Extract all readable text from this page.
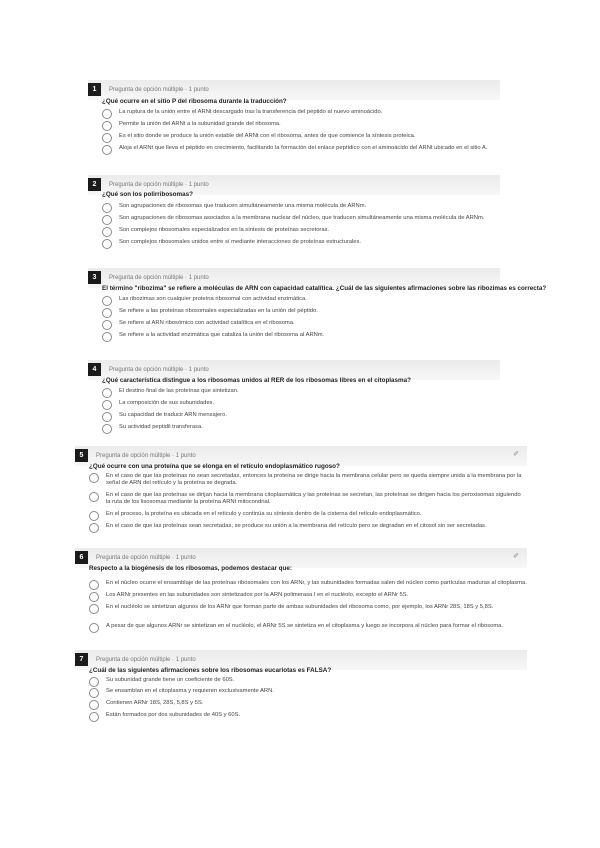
1	Pregunta de opción múltiple · 1 punto
¿Qué ocurre en el sitio P del ribosoma durante la traducción?
La ruptura de la unión entre el ARNt descargado tras la transferencia del péptido al nuevo aminoácido.
Permite la unión del ARNt a la subunidad grande del ribosoma.
Es el sitio donde se produce la unión estable del ARNt con el ribosoma, antes de que comience la síntesis proteica.
Aloja el ARNt que lleva el péptido en crecimiento, facilitando la formación del enlace peptídico con el aminoácido del ARNt ubicado en el sitio A.
2	Pregunta de opción múltiple · 1 punto
¿Qué son los polirribosomas?
Son agrupaciones de ribosomas que traducen simultáneamente una misma molécula de ARNm.
Son agrupaciones de ribosomas asociados a la membrana nuclear del núcleo, que traducen simultáneamente una misma molécula de ARNm.
Son complejos ribosomales especializados en la síntesis de proteínas secretoras.
Son complejos ribosomales unidos entre sí mediante interacciones de proteínas estructurales.
3	Pregunta de opción múltiple · 1 punto
El término "ribozima" se refiere a moléculas de ARN con capacidad catalítica. ¿Cuál de las siguientes afirmaciones sobre las ribozimas es correcta?
Las ribozimas son cualquier proteína ribosomal con actividad enzimática.
Se refiere a las proteínas ribosomales especializadas en la unión del péptido.
Se refiere al ARN ribosómico con actividad catalítica en el ribosoma.
Se refiere a la actividad enzimática que cataliza la unión del ribosoma al ARNm.
4	Pregunta de opción múltiple · 1 punto
¿Qué característica distingue a los ribosomas unidos al RER de los ribosomas libres en el citoplasma?
El destino final de las proteínas que sintetizan.
La composición de sus subunidades.
Su capacidad de traducir ARN mensajero.
Su actividad peptidil transferasa.
5	Pregunta de opción múltiple · 1 punto	✐
¿Qué ocurre con una proteína que se elonga en el retículo endoplasmático rugoso?
En el caso de que las proteínas no sean secretadas, entonces la proteína se dirige hacia la membrana celular pero se queda siempre unida a la membrana por la señal de ARN del retículo y la proteína se degrada.
En el caso de que las proteínas se dirijan hacia la membrana citoplasmática y las proteínas se secretan, las proteínas se dirigen hacia los peroxisomas siguiendo la ruta de los lisosomas mediante la proteína ARNt mitocondrial.
En el proceso, la proteína es ubicada en el retículo y continúa su síntesis dentro de la cisterna del retículo endoplasmático.
En el caso de que las proteínas sean secretadas, se produce su unión a la membrana del retículo pero se degradan en el citosol sin ser secretadas.
6	Pregunta de opción múltiple · 1 punto	✐
Respecto a la biogénesis de los ribosomas, podemos destacar que:
En el núcleo ocurre el ensamblaje de las proteínas ribosomales con los ARNr, y las subunidades formadas salen del núcleo como partículas maduras al citoplasma.
Los ARNr presentes en las subunidades son sintetizados por la ARN polimerasa I en el nucléolo, excepto el ARNr 5S.
En el nucléolo se sintetizan algunos de los ARNr que forman parte de ambas subunidades del ribosoma como, por ejemplo, los ARNr 28S, 18S y 5,8S.
A pesar de que algunos ARNr se sintetizan en el nucléolo, el ARNr 5S se sintetiza en el citoplasma y luego se incorpora al núcleo para formar el ribosoma.
7	Pregunta de opción múltiple · 1 punto
¿Cuál de las siguientes afirmaciones sobre los ribosomas eucariotas es FALSA?
Su subunidad grande tiene un coeficiente de 60S.
Se ensamblan en el citoplasma y requieren exclusivamente ARN.
Contienen ARNr 18S, 28S, 5,8S y 5S.
Están formados por dos subunidades de 40S y 60S.
